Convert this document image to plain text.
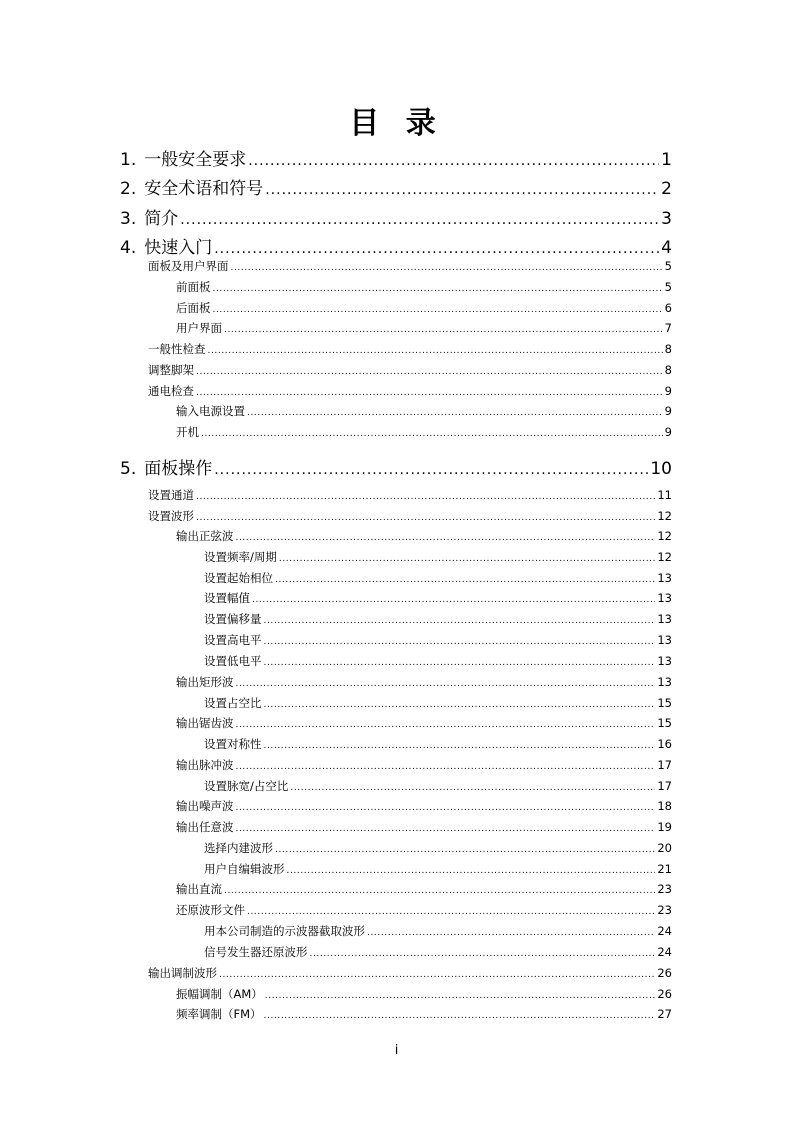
目 录
1. 一般安全要求 .....	1
2. 安全术语和符号 .....	2
3. 简介 .....	3
4. 快速入门 .....	4
面板及用户界面 .....	5
前面板 .....	5
后面板 .....	6
用户界面 .....	7
一般性检查 .....	8
调整脚架 .....	8
通电检查 .....	9
输入电源设置 .....	9
开机 .....	9
5. 面板操作 .....	10
设置通道 .....	11
设置波形 .....	12
输出正弦波 .....	12
设置频率/周期 .....	12
设置起始相位 .....	13
设置幅值 .....	13
设置偏移量 .....	13
设置高电平 .....	13
设置低电平 .....	13
输出矩形波 .....	13
设置占空比 .....	15
输出锯齿波 .....	15
设置对称性 .....	16
输出脉冲波 .....	17
设置脉宽/占空比 .....	17
输出噪声波 .....	18
输出任意波 .....	19
选择内建波形 .....	20
用户自编辑波形 .....	21
输出直流 .....	23
还原波形文件 .....	23
用本公司制造的示波器截取波形 .....	24
信号发生器还原波形 .....	24
输出调制波形 .....	26
振幅调制（AM） .....	26
频率调制（FM） .....	27
i
